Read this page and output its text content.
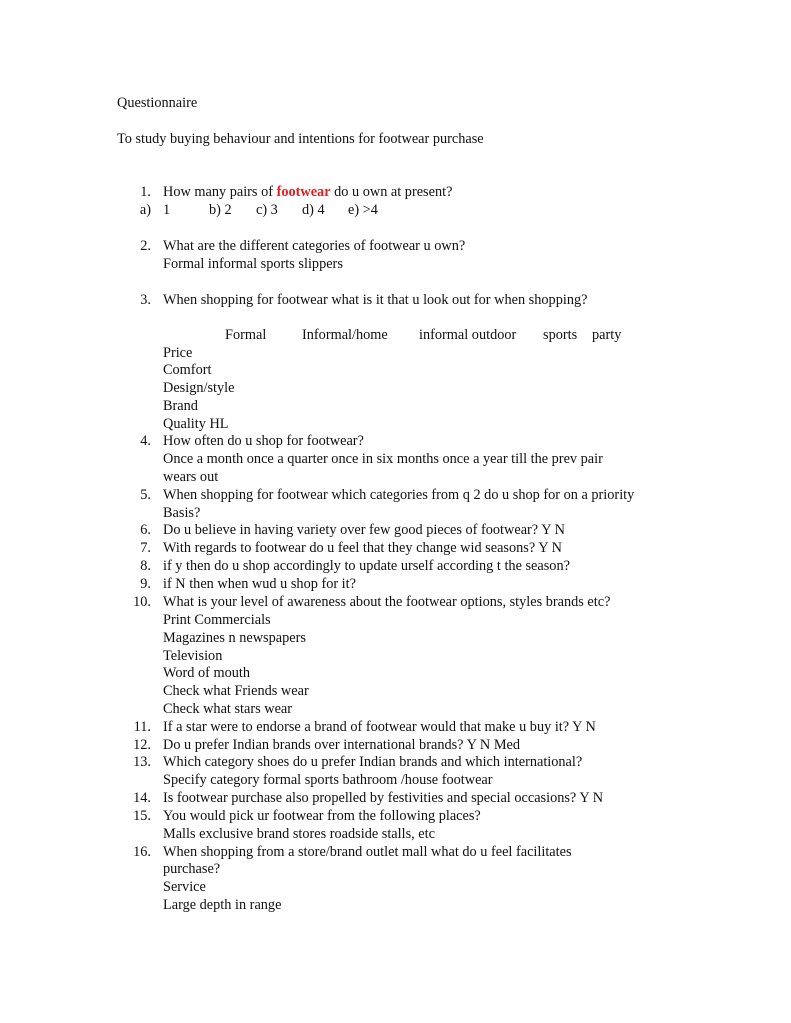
Questionnaire
To study buying behaviour and intentions for footwear purchase
1. How many pairs of footwear do u own at present?
a) 1	b) 2 c) 3 d) 4 e) >4
2. What are the different categories of footwear u own?
Formal informal sports slippers
3. When shopping for footwear what is it that u look out for when shopping?
Formal Informal/home informal outdoor sports party
Price
Comfort
Design/style
Brand
Quality HL
4. How often do u shop for footwear?
Once a month once a quarter once in six months once a year till the prev pair
wears out
5. When shopping for footwear which categories from q 2 do u shop for on a priority
Basis?
6. Do u believe in having variety over few good pieces of footwear? Y N
7. With regards to footwear do u feel that they change wid seasons? Y N
8. if y then do u shop accordingly to update urself according t the season?
9. if N then when wud u shop for it?
10. What is your level of awareness about the footwear options, styles brands etc?
Print Commercials
Magazines n newspapers
Television
Word of mouth
Check what Friends wear
Check what stars wear
11. If a star were to endorse a brand of footwear would that make u buy it? Y N
12. Do u prefer Indian brands over international brands? Y N Med
13. Which category shoes do u prefer Indian brands and which international?
Specify category formal sports bathroom /house footwear
14. Is footwear purchase also propelled by festivities and special occasions? Y N
15. You would pick ur footwear from the following places?
Malls exclusive brand stores roadside stalls, etc
16. When shopping from a store/brand outlet mall what do u feel facilitates
purchase?
Service
Large depth in range
